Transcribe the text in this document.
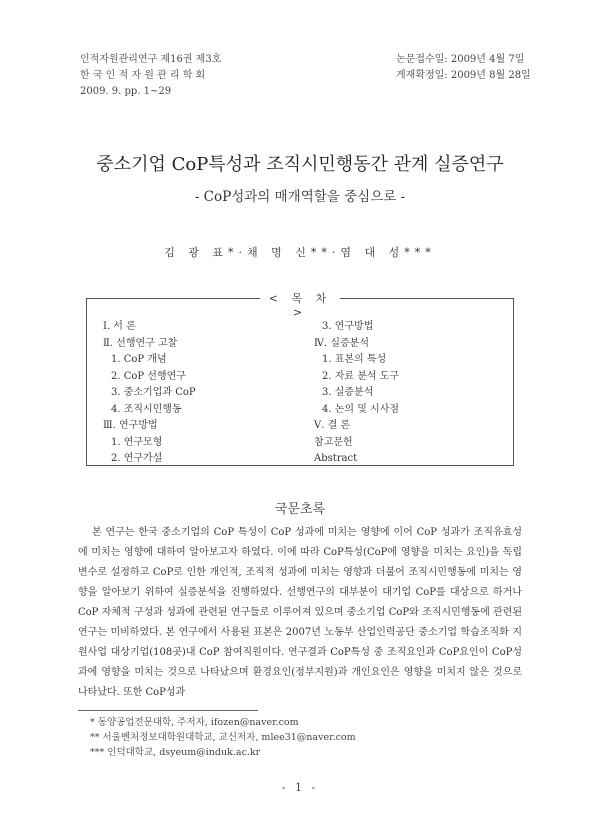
인적자원관리연구 제16권 제3호
한 국 인 적 자 원 관 리 학 회
2009. 9. pp. 1~29
논문접수일: 2009년 4월 7일
게재확정일: 2009년 8월 28일
중소기업 CoP특성과 조직시민행동간 관계 실증연구
- CoP성과의 매개역할을 중심으로 -
김 광 표*·채 명 신**·염 대 성***
< 목 차 >
Ⅰ. 서 론
Ⅱ. 선행연구 고찰
1. CoP 개념
2. CoP 선행연구
3. 중소기업과 CoP
4. 조직시민행동
Ⅲ. 연구방법
1. 연구모형
2. 연구가설
3. 연구방법
Ⅳ. 실증분석
1. 표본의 특성
2. 자료 분석 도구
3. 실증분석
4. 논의 및 시사점
Ⅴ. 결 론
참고문헌
Abstract
국문초록

본 연구는 한국 중소기업의 CoP 특성이 CoP 성과에 미치는 영향에 이어 CoP 성과가 조직유효성에 미치는 영향에 대하여 알아보고자 하였다. 이에 따라 CoP특성(CoP에 영향을 미치는 요인)을 독립변수로 설정하고 CoP로 인한 개인적, 조직적 성과에 미치는 영향과 더불어 조직시민행동에 미치는 영향을 알아보기 위하여 실증분석을 진행하였다. 선행연구의 대부분이 대기업 CoP를 대상으로 하거나 CoP 자체적 구성과 성과에 관련된 연구들로 이루어져 있으며 중소기업 CoP와 조직시민행동에 관련된 연구는 미비하였다. 본 연구에서 사용된 표본은 2007년 노동부 산업인력공단 중소기업 학습조직화 지원사업 대상기업(108곳)내 CoP 참여직원이다. 연구결과 CoP특성 중 조직요인과 CoP요인이 CoP성과에 영향을 미치는 것으로 나타났으며 환경요인(정부지원)과 개인요인은 영향을 미치지 않은 것으로 나타났다. 또한 CoP성과

* 동양공업전문대학, 주저자, ifozen@naver.com
** 서울벤처정보대학원대학교, 교신저자, mlee31@naver.com
*** 인덕대학교, dsyeum@induk.ac.kr
- 1 -
